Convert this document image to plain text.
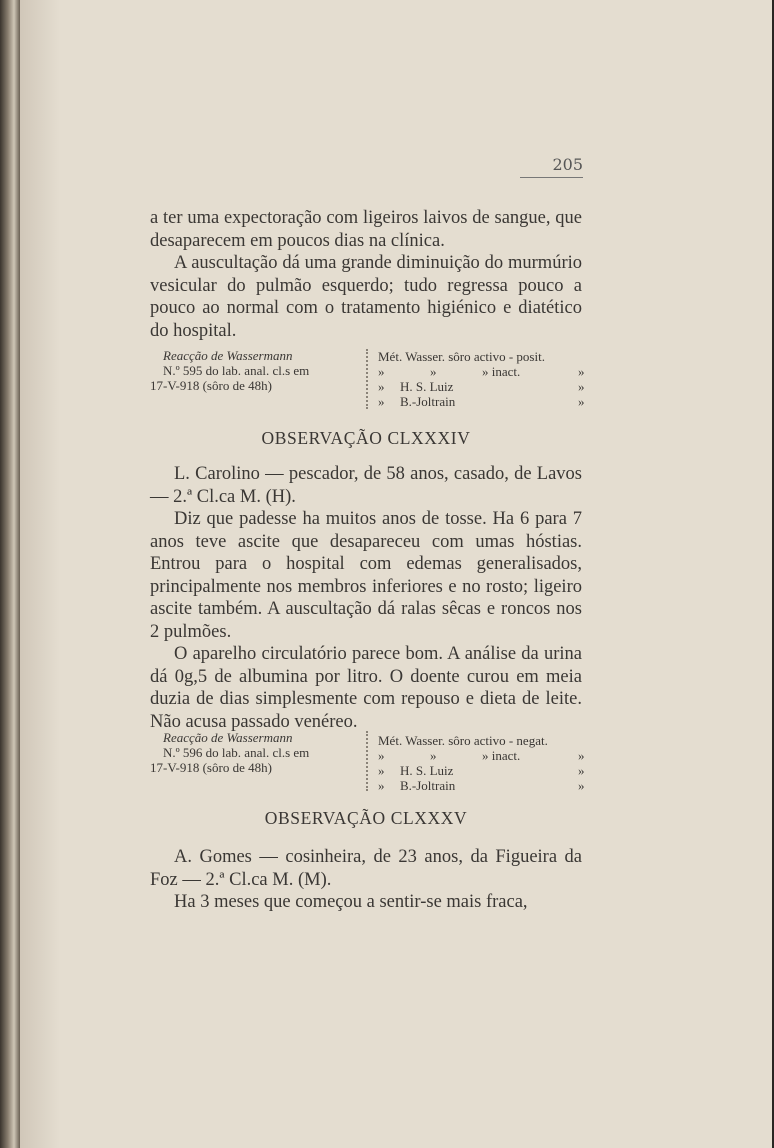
205

a ter uma expectoração com ligeiros laivos de sangue, que desaparecem em poucos dias na clínica.

A auscultação dá uma grande diminuição do murmúrio vesicular do pulmão esquerdo; tudo regressa pouco a pouco ao normal com o tratamento higiénico e diatético do hospital.

Reacção de Wassermann
N.º 595 do lab. anal. cl.s em
17-V-918 (sôro de 48h)
Mét. Wasser. sôro activo - posit.
»	»	» inact.	»
» H. S. Luiz	»
» B.-Joltrain	»
OBSERVAÇÃO CLXXXIV

L. Carolino — pescador, de 58 anos, casado, de Lavos — 2.ª Cl.ca M. (H).

Diz que padesse ha muitos anos de tosse. Ha 6 para 7 anos teve ascite que desapareceu com umas hóstias. Entrou para o hospital com edemas generalisados, principalmente nos membros inferiores e no rosto; ligeiro ascite também. A auscultação dá ralas sêcas e roncos nos 2 pulmões.

O aparelho circulatório parece bom. A análise da urina dá 0g,5 de albumina por litro. O doente curou em meia duzia de dias simplesmente com repouso e dieta de leite. Não acusa passado venéreo.

Reacção de Wassermann
N.º 596 do lab. anal. cl.s em
17-V-918 (sôro de 48h)
Mét. Wasser. sôro activo - negat.
»	»	» inact.	»
» H. S. Luiz	»
» B.-Joltrain	»
OBSERVAÇÃO CLXXXV

A. Gomes — cosinheira, de 23 anos, da Figueira da Foz — 2.ª Cl.ca M. (M).

Ha 3 meses que começou a sentir-se mais fraca,
